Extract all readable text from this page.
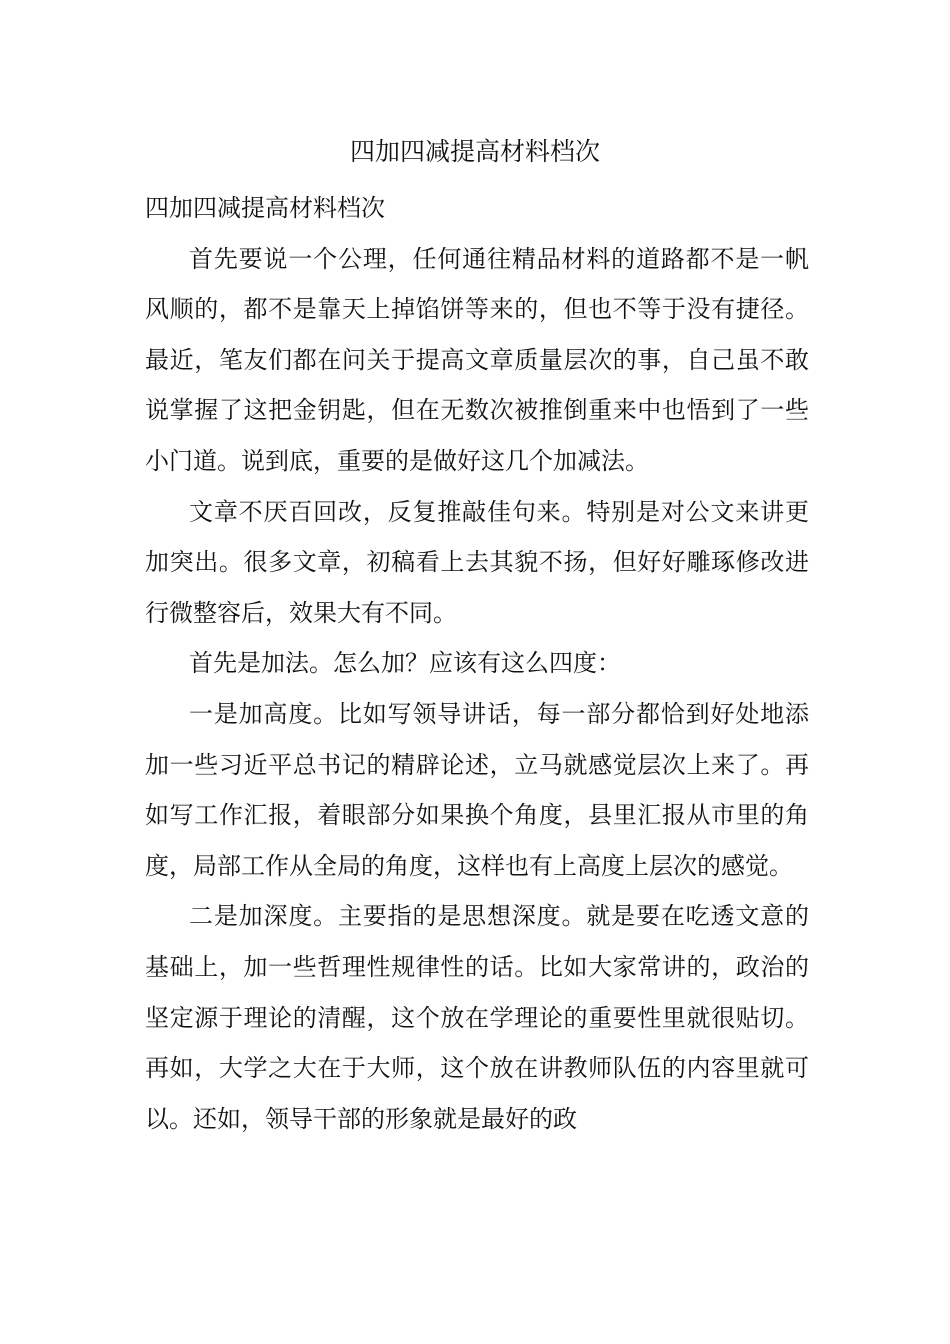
四加四减提高材料档次

四加四减提高材料档次

首先要说一个公理，任何通往精品材料的道路都不是一帆风顺的，都不是靠天上掉馅饼等来的，但也不等于没有捷径。最近，笔友们都在问关于提高文章质量层次的事，自己虽不敢说掌握了这把金钥匙，但在无数次被推倒重来中也悟到了一些小门道。说到底，重要的是做好这几个加减法。

文章不厌百回改，反复推敲佳句来。特别是对公文来讲更加突出。很多文章，初稿看上去其貌不扬，但好好雕琢修改进行微整容后，效果大有不同。

首先是加法。怎么加？应该有这么四度：

一是加高度。比如写领导讲话，每一部分都恰到好处地添加一些习近平总书记的精辟论述，立马就感觉层次上来了。再如写工作汇报，着眼部分如果换个角度，县里汇报从市里的角度，局部工作从全局的角度，这样也有上高度上层次的感觉。

二是加深度。主要指的是思想深度。就是要在吃透文意的基础上，加一些哲理性规律性的话。比如大家常讲的，政治的坚定源于理论的清醒，这个放在学理论的重要性里就很贴切。再如，大学之大在于大师，这个放在讲教师队伍的内容里就可以。还如，领导干部的形象就是最好的政
